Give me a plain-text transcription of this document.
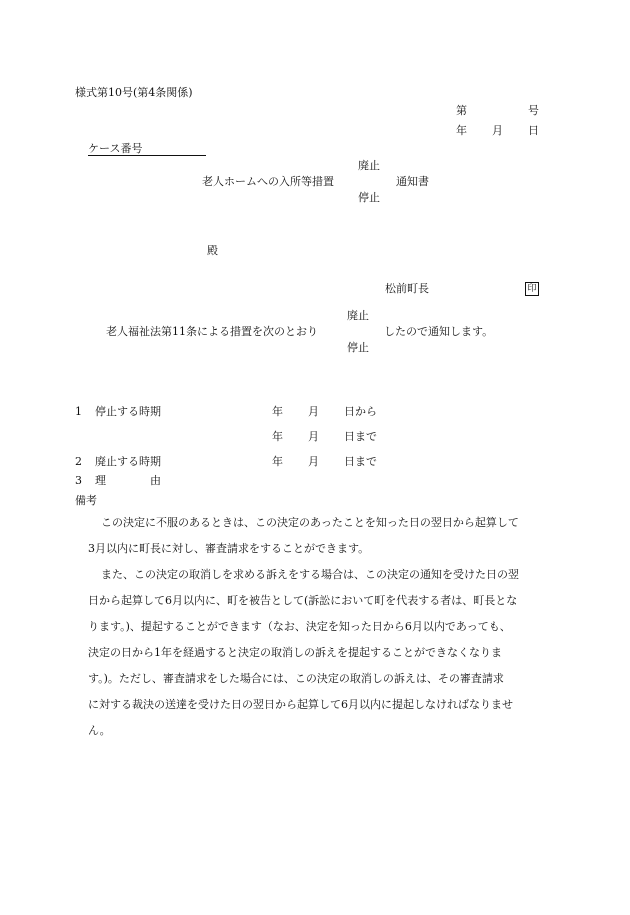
様式第10号(第4条関係)
第	号
年 月 日
ケース番号
廃止
老人ホームへの入所等措置	通知書
停止
殿
松前町長	印
廃止
老人福祉法第11条による措置を次のとおり	したので通知します。
停止
1 停止する時期	年 月 日から
年 月 日まで
2 廃止する時期	年 月 日まで
3 理　　　　由
備考
この決定に不服のあるときは、この決定のあったことを知った日の翌日から起算して
3月以内に町長に対し、審査請求をすることができます。
また、この決定の取消しを求める訴えをする場合は、この決定の通知を受けた日の翌
日から起算して6月以内に、町を被告として(訴訟において町を代表する者は、町長とな
ります。)、提起することができます（なお、決定を知った日から6月以内であっても、
決定の日から1年を経過すると決定の取消しの訴えを提起することができなくなりま
す。)。ただし、審査請求をした場合には、この決定の取消しの訴えは、その審査請求
に対する裁決の送達を受けた日の翌日から起算して6月以内に提起しなければなりませ
ん。
